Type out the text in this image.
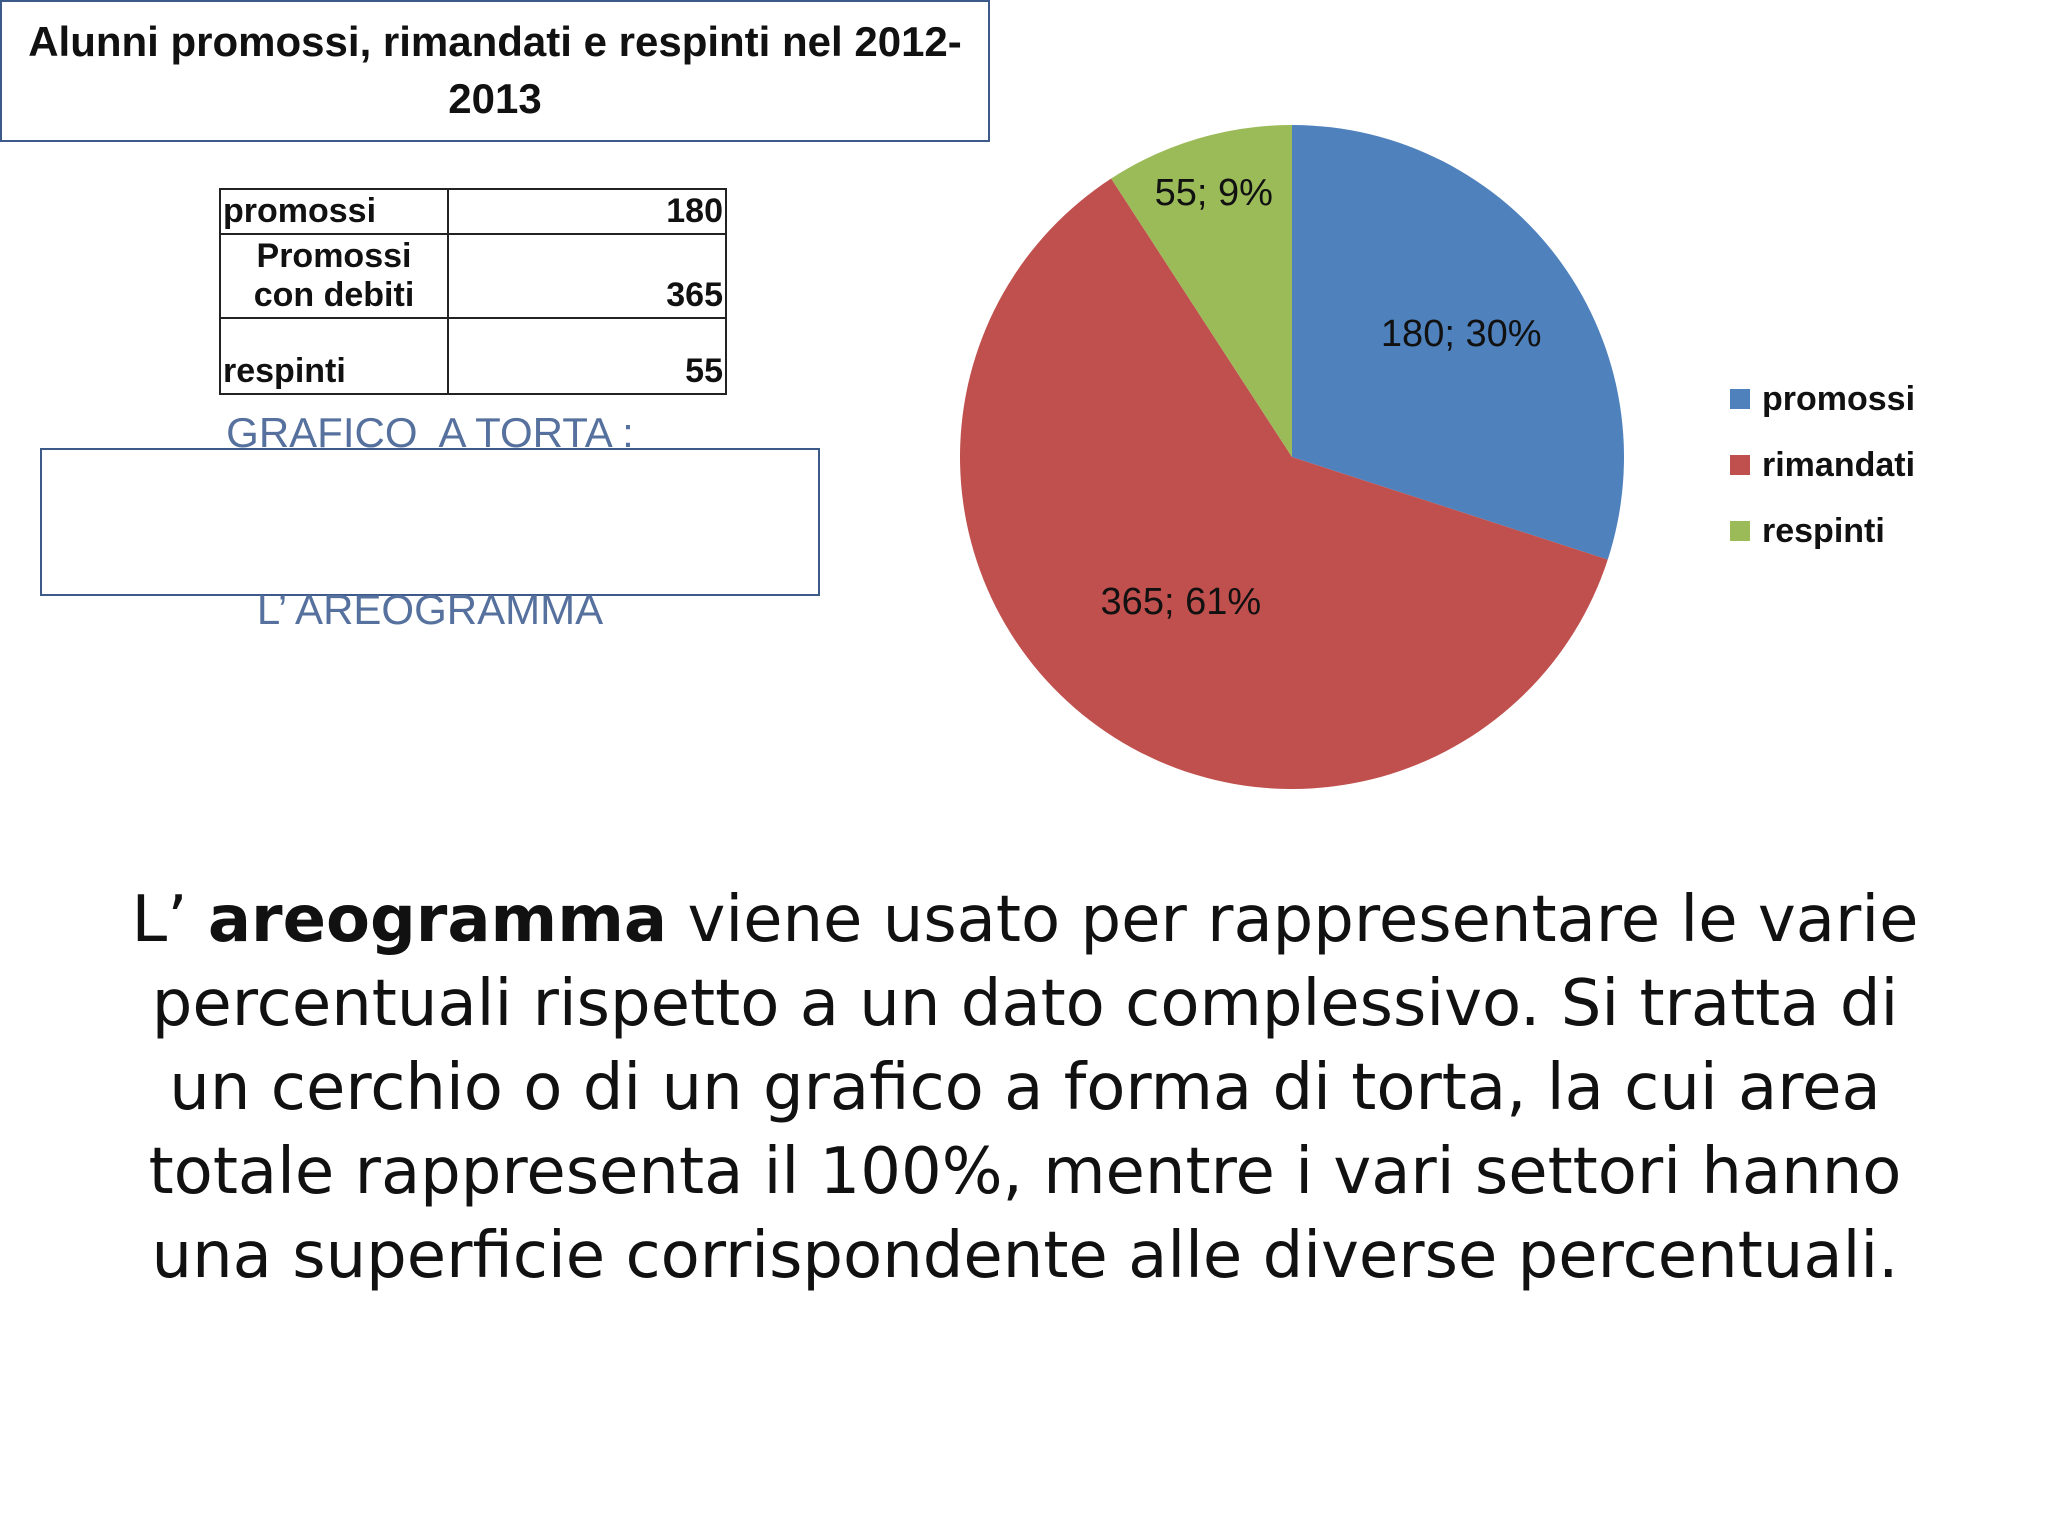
Alunni promossi, rimandati e respinti nel 2012-2013
promossi	180
Promossi con debiti	365
respinti	55

GRAFICO  A TORTA :

L’ AREOGRAMMA

180; 30%
365; 61%
55; 9%
promossi
rimandati
respinti
L’ areogramma viene usato per rappresentare le varie percentuali rispetto a un dato complessivo. Si tratta di un cerchio o di un grafico a forma di torta, la cui area totale rappresenta il 100%, mentre i vari settori hanno una superficie corrispondente alle diverse percentuali.
